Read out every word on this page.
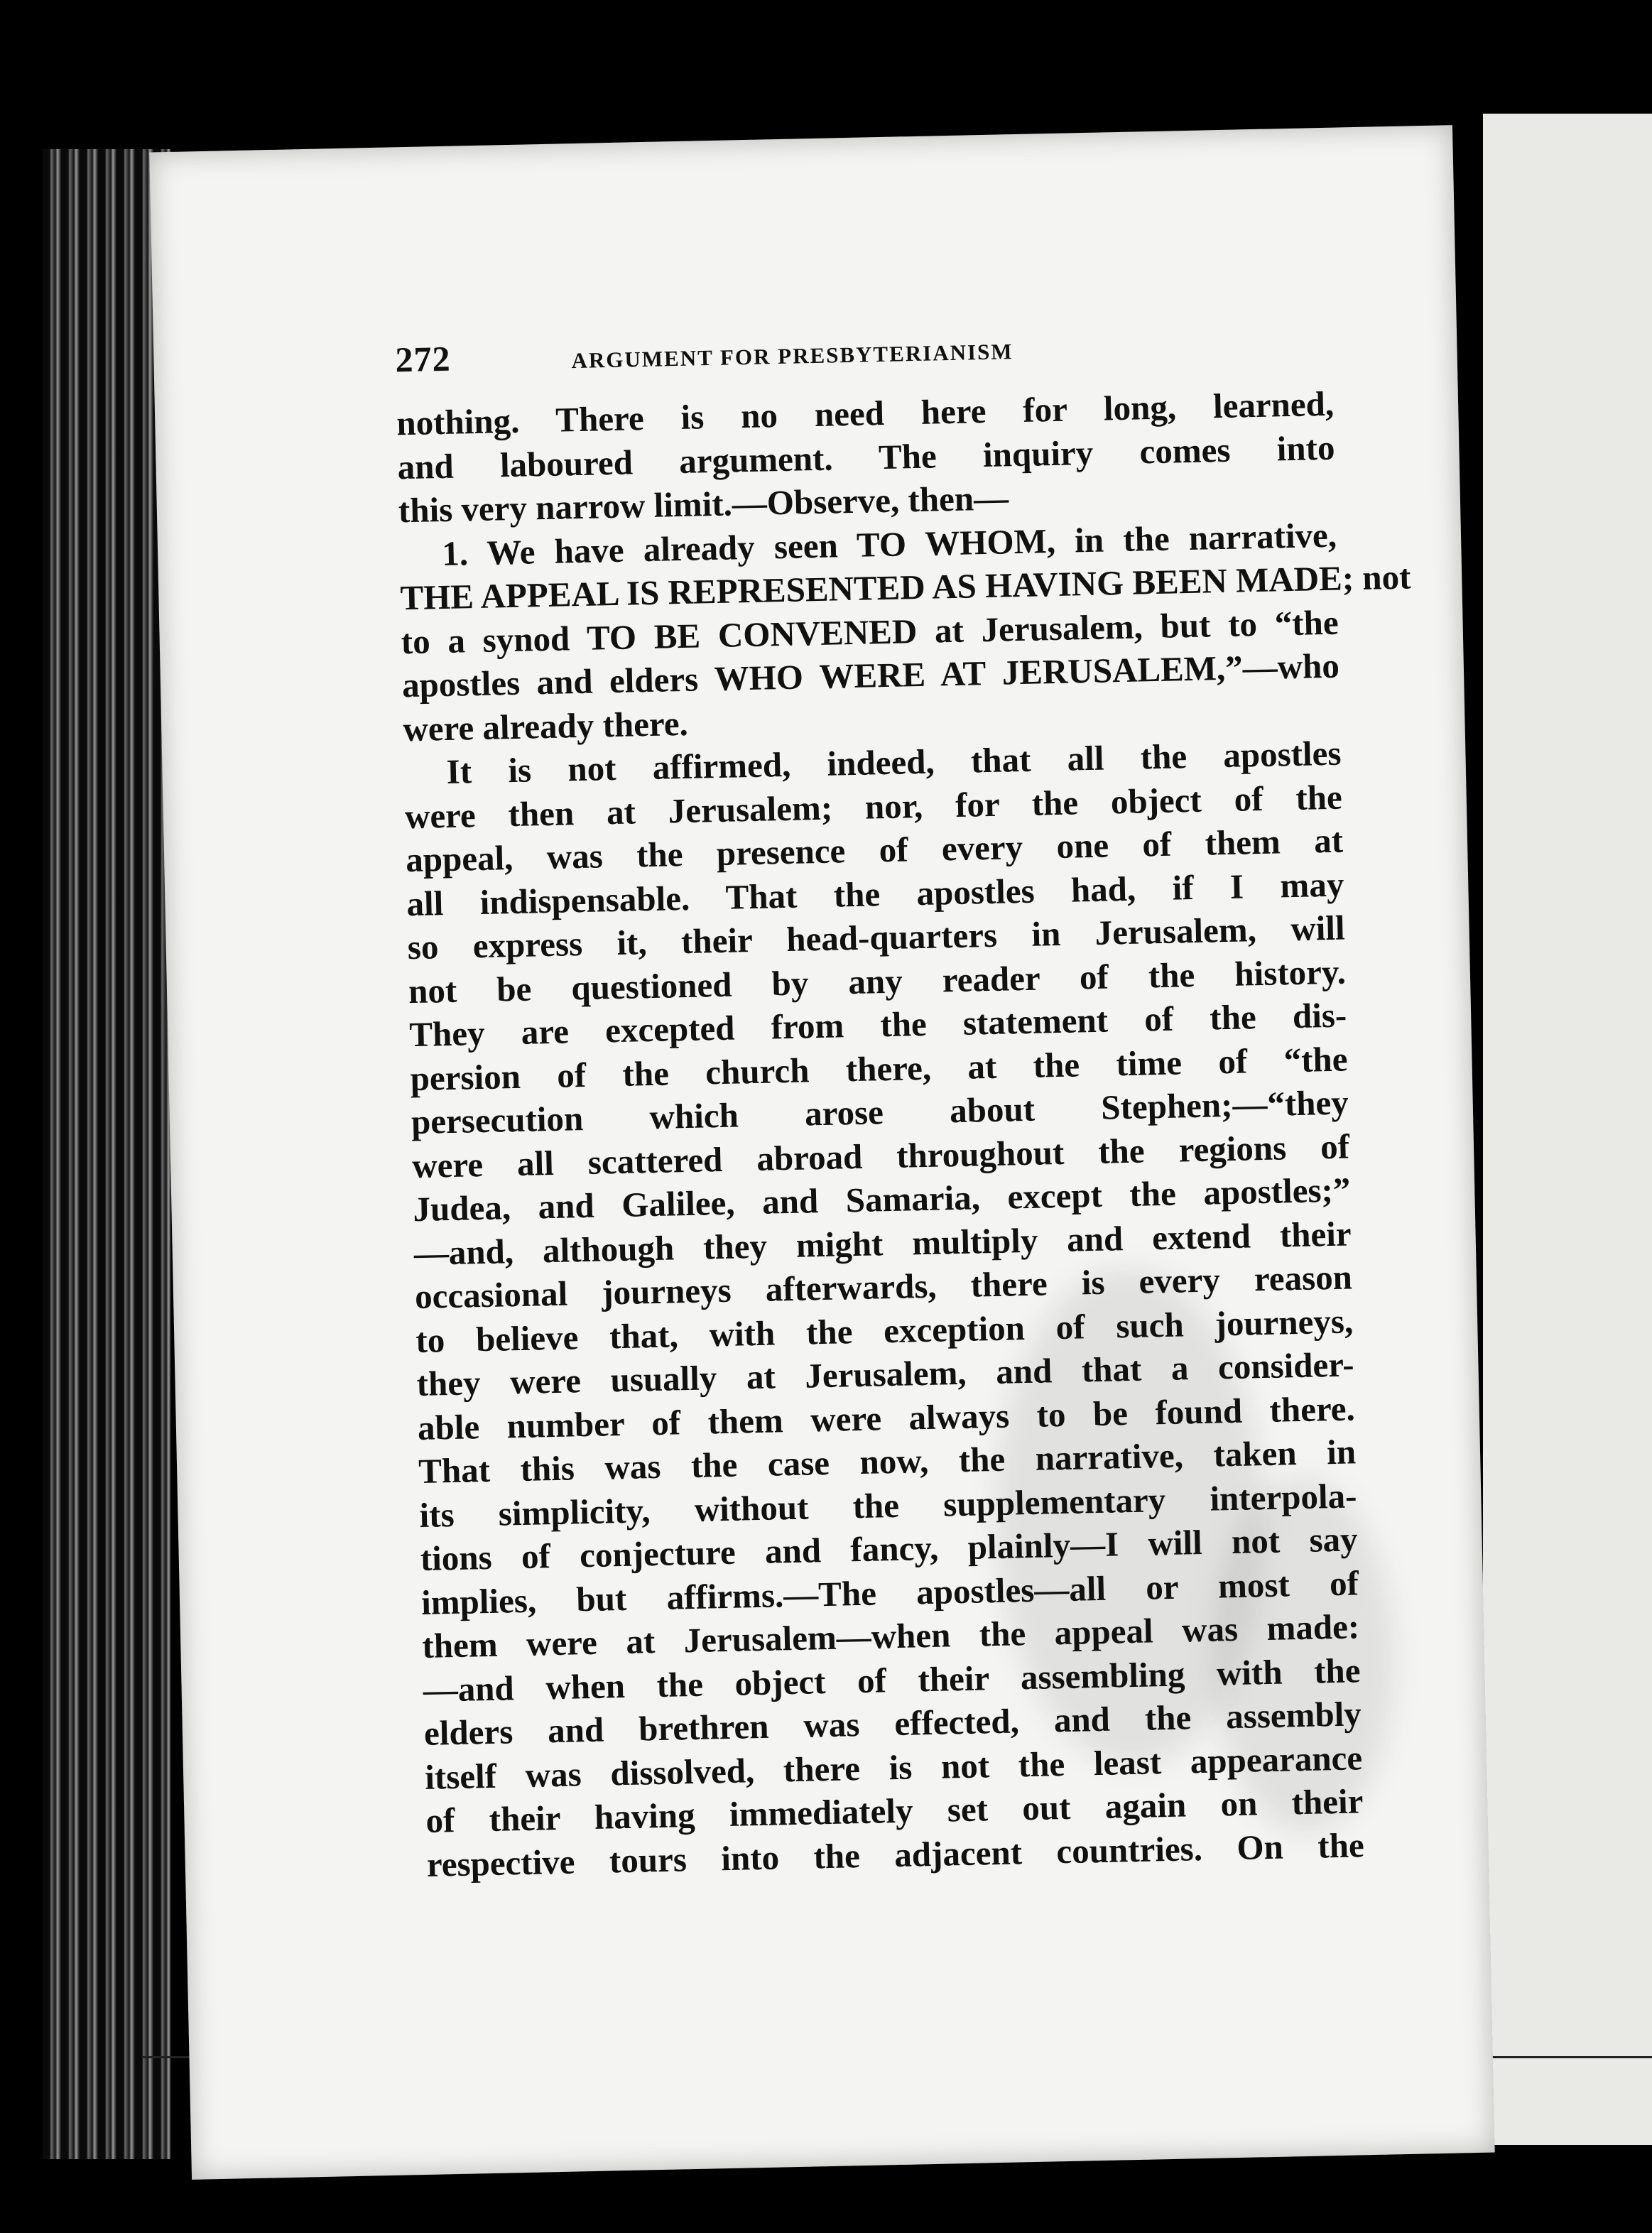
272	ARGUMENT FOR PRESBYTERIANISM
nothing. There is no need here for long, learned,
and laboured argument. The inquiry comes into
this very narrow limit.—Observe, then—
1. We have already seen TO WHOM, in the narrative,
THE APPEAL IS REPRESENTED AS HAVING BEEN MADE; not
to a synod TO BE CONVENED at Jerusalem, but to “the
apostles and elders WHO WERE AT JERUSALEM,”—who
were already there.
It is not affirmed, indeed, that all the apostles
were then at Jerusalem; nor, for the object of the
appeal, was the presence of every one of them at
all indispensable. That the apostles had, if I may
so express it, their head-quarters in Jerusalem, will
not be questioned by any reader of the history.
They are excepted from the statement of the dis-
persion of the church there, at the time of “the
persecution which arose about Stephen;—“they
were all scattered abroad throughout the regions of
Judea, and Galilee, and Samaria, except the apostles;”
—and, although they might multiply and extend their
occasional journeys afterwards, there is every reason
to believe that, with the exception of such journeys,
they were usually at Jerusalem, and that a consider-
able number of them were always to be found there.
That this was the case now, the narrative, taken in
its simplicity, without the supplementary interpola-
tions of conjecture and fancy, plainly—I will not say
implies, but affirms.—The apostles—all or most of
them were at Jerusalem—when the appeal was made:
—and when the object of their assembling with the
elders and brethren was effected, and the assembly
itself was dissolved, there is not the least appearance
of their having immediately set out again on their
respective tours into the adjacent countries. On the
